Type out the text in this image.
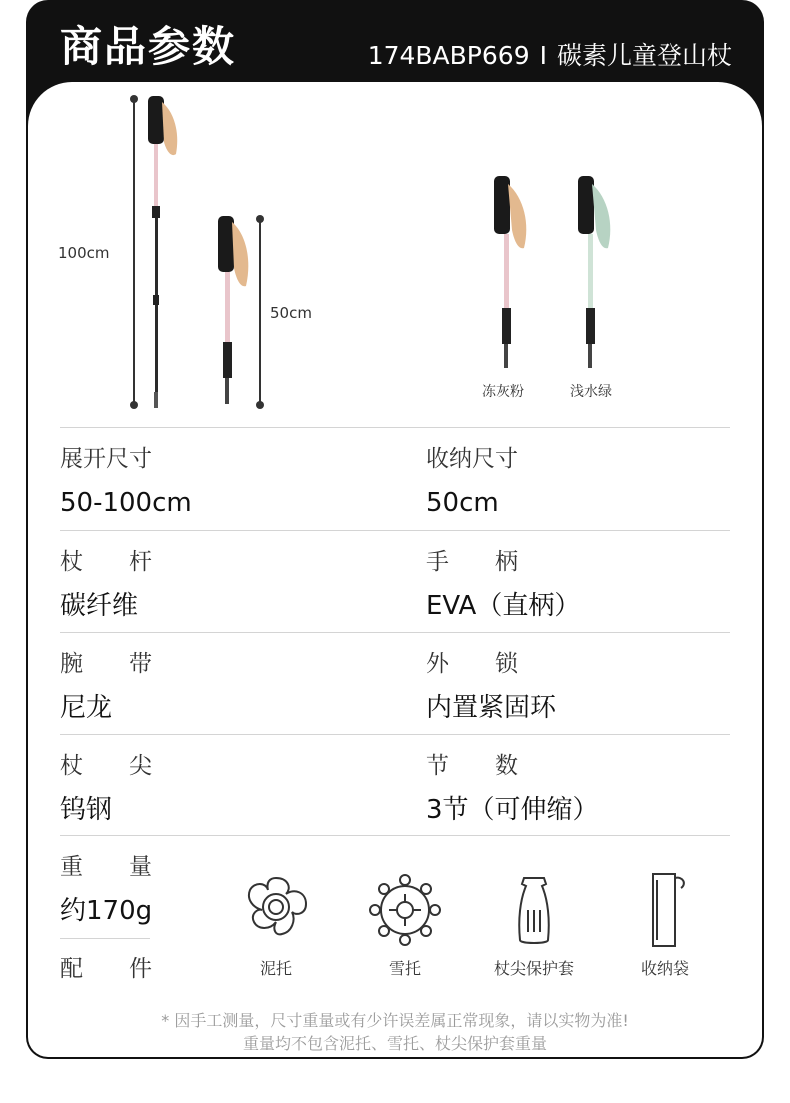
商品参数	174BABP669 I 碳素儿童登山杖
100cm
50cm
冻灰粉	浅水绿
展开尺寸
50-100cm
收纳尺寸
50cm
杖　　杆
碳纤维
手　　柄
EVA（直柄）
腕　　带
尼龙
外　　锁
内置紧固环
杖　　尖
钨钢
节　　数
3节（可伸缩）
重　　量
约170g
配　　件	泥托	雪托	杖尖保护套	收纳袋
* 因手工测量，尺寸重量或有少许误差属正常现象，请以实物为准!
重量均不包含泥托、雪托、杖尖保护套重量
